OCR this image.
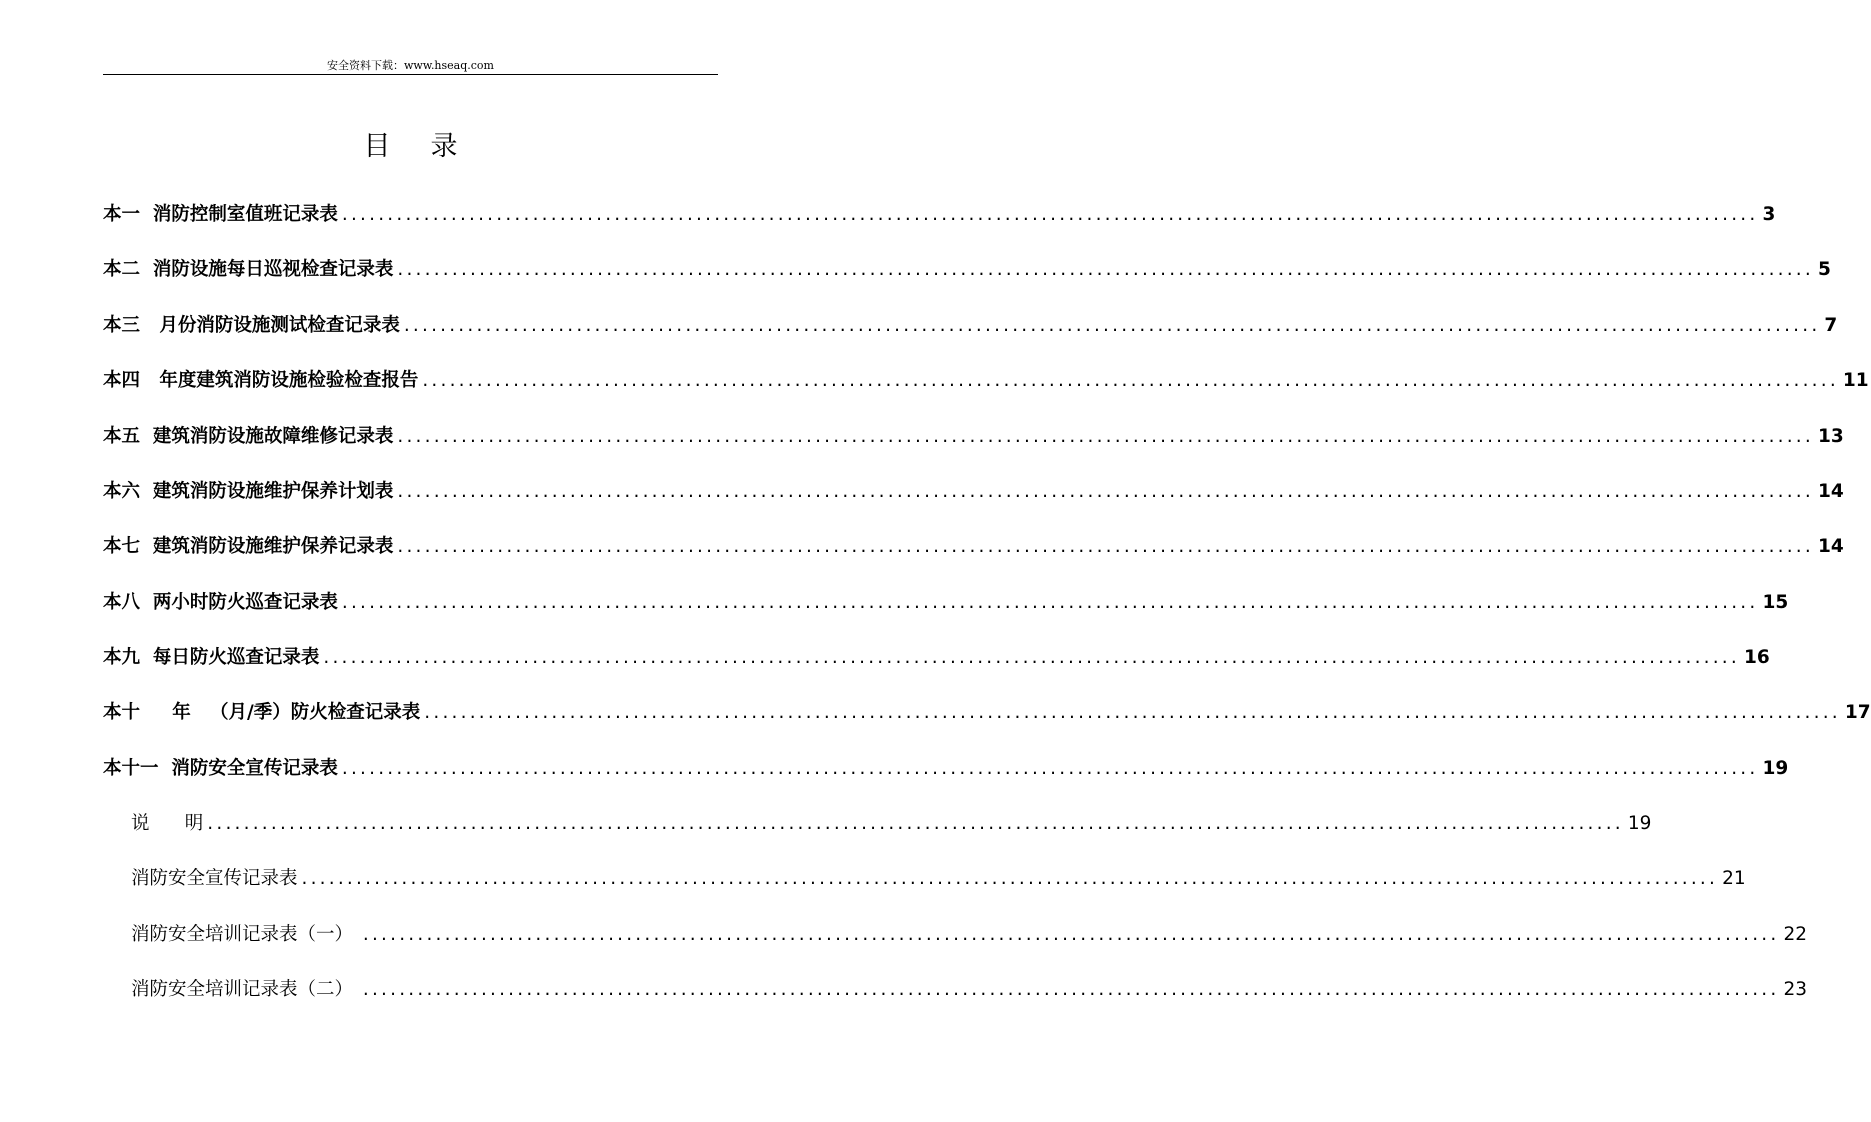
安全资料下载：www.hseaq.com
目 录
本一  消防控制室值班记录表 ............................................................................................................................................................ 3
本二  消防设施每日巡视检查记录表 ............................................................................................................................................................ 5
本三   月份消防设施测试检查记录表 ............................................................................................................................................................ 7
本四   年度建筑消防设施检验检查报告 ............................................................................................................................................................ 11
本五  建筑消防设施故障维修记录表 ............................................................................................................................................................ 13
本六  建筑消防设施维护保养计划表 ............................................................................................................................................................ 14
本七  建筑消防设施维护保养记录表 ............................................................................................................................................................ 14
本八  两小时防火巡查记录表 ............................................................................................................................................................ 15
本九  每日防火巡查记录表 ............................................................................................................................................................ 16
本十     年   （月/季）防火检查记录表 ............................................................................................................................................................ 17
本十一  消防安全宣传记录表 ............................................................................................................................................................ 19
说      明 ............................................................................................................................................................ 19
消防安全宣传记录表 ............................................................................................................................................................ 21
消防安全培训记录表（一） ............................................................................................................................................................ 22
消防安全培训记录表（二） ............................................................................................................................................................ 23
